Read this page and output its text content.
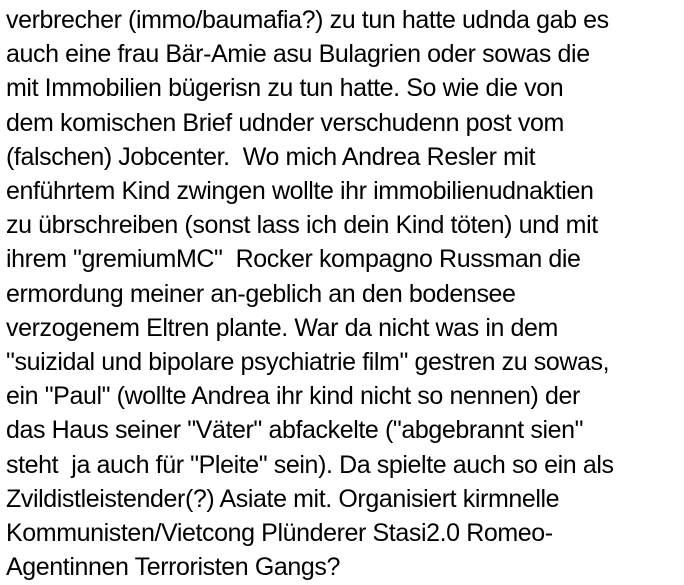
verbrecher (immo/baumafia?) zu tun hatte udnda gab es
auch eine frau Bär-Amie asu Bulagrien oder sowas die
mit Immobilien bügerisn zu tun hatte. So wie die von
dem komischen Brief udnder verschudenn post vom
(falschen) Jobcenter.  Wo mich Andrea Resler mit
enführtem Kind zwingen wollte ihr immobilienudnaktien
zu übrschreiben (sonst lass ich dein Kind töten) und mit
ihrem "gremiumMC"  Rocker kompagno Russman die
ermordung meiner an-geblich an den bodensee
verzogenem Eltren plante. War da nicht was in dem
"suizidal und bipolare psychiatrie film" gestren zu sowas,
ein "Paul" (wollte Andrea ihr kind nicht so nennen) der
das Haus seiner "Väter" abfackelte ("abgebrannt sien"
steht  ja auch für "Pleite" sein). Da spielte auch so ein als
Zvildistleistender(?) Asiate mit. Organisiert kirmnelle
Kommunisten/Vietcong Plünderer Stasi2.0 Romeo-
Agentinnen Terroristen Gangs?
